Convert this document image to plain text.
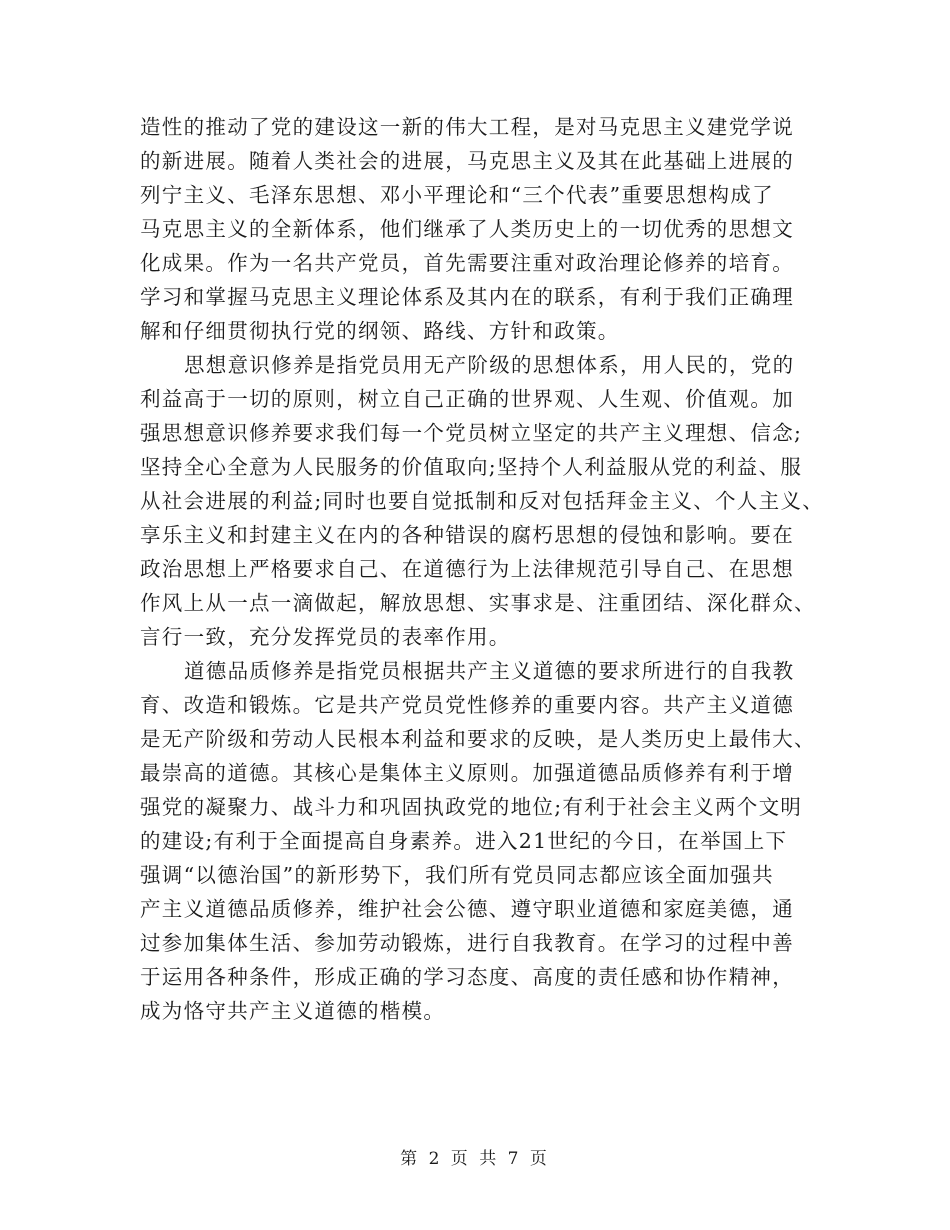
造性的推动了党的建设这一新的伟大工程，是对马克思主义建党学说
的新进展。随着人类社会的进展，马克思主义及其在此基础上进展的
列宁主义、毛泽东思想、邓小平理论和“三个代表”重要思想构成了
马克思主义的全新体系，他们继承了人类历史上的一切优秀的思想文
化成果。作为一名共产党员，首先需要注重对政治理论修养的培育。
学习和掌握马克思主义理论体系及其内在的联系，有利于我们正确理
解和仔细贯彻执行党的纲领、路线、方针和政策。
思想意识修养是指党员用无产阶级的思想体系，用人民的，党的
利益高于一切的原则，树立自己正确的世界观、人生观、价值观。加
强思想意识修养要求我们每一个党员树立坚定的共产主义理想、信念;
坚持全心全意为人民服务的价值取向;坚持个人利益服从党的利益、服
从社会进展的利益;同时也要自觉抵制和反对包括拜金主义、个人主义、
享乐主义和封建主义在内的各种错误的腐朽思想的侵蚀和影响。要在
政治思想上严格要求自己、在道德行为上法律规范引导自己、在思想
作风上从一点一滴做起，解放思想、实事求是、注重团结、深化群众、
言行一致，充分发挥党员的表率作用。
道德品质修养是指党员根据共产主义道德的要求所进行的自我教
育、改造和锻炼。它是共产党员党性修养的重要内容。共产主义道德
是无产阶级和劳动人民根本利益和要求的反映，是人类历史上最伟大、
最崇高的道德。其核心是集体主义原则。加强道德品质修养有利于增
强党的凝聚力、战斗力和巩固执政党的地位;有利于社会主义两个文明
的建设;有利于全面提高自身素养。进入21世纪的今日，在举国上下
强调“以德治国”的新形势下，我们所有党员同志都应该全面加强共
产主义道德品质修养，维护社会公德、遵守职业道德和家庭美德，通
过参加集体生活、参加劳动锻炼，进行自我教育。在学习的过程中善
于运用各种条件，形成正确的学习态度、高度的责任感和协作精神，
成为恪守共产主义道德的楷模。
第 2 页 共 7 页
